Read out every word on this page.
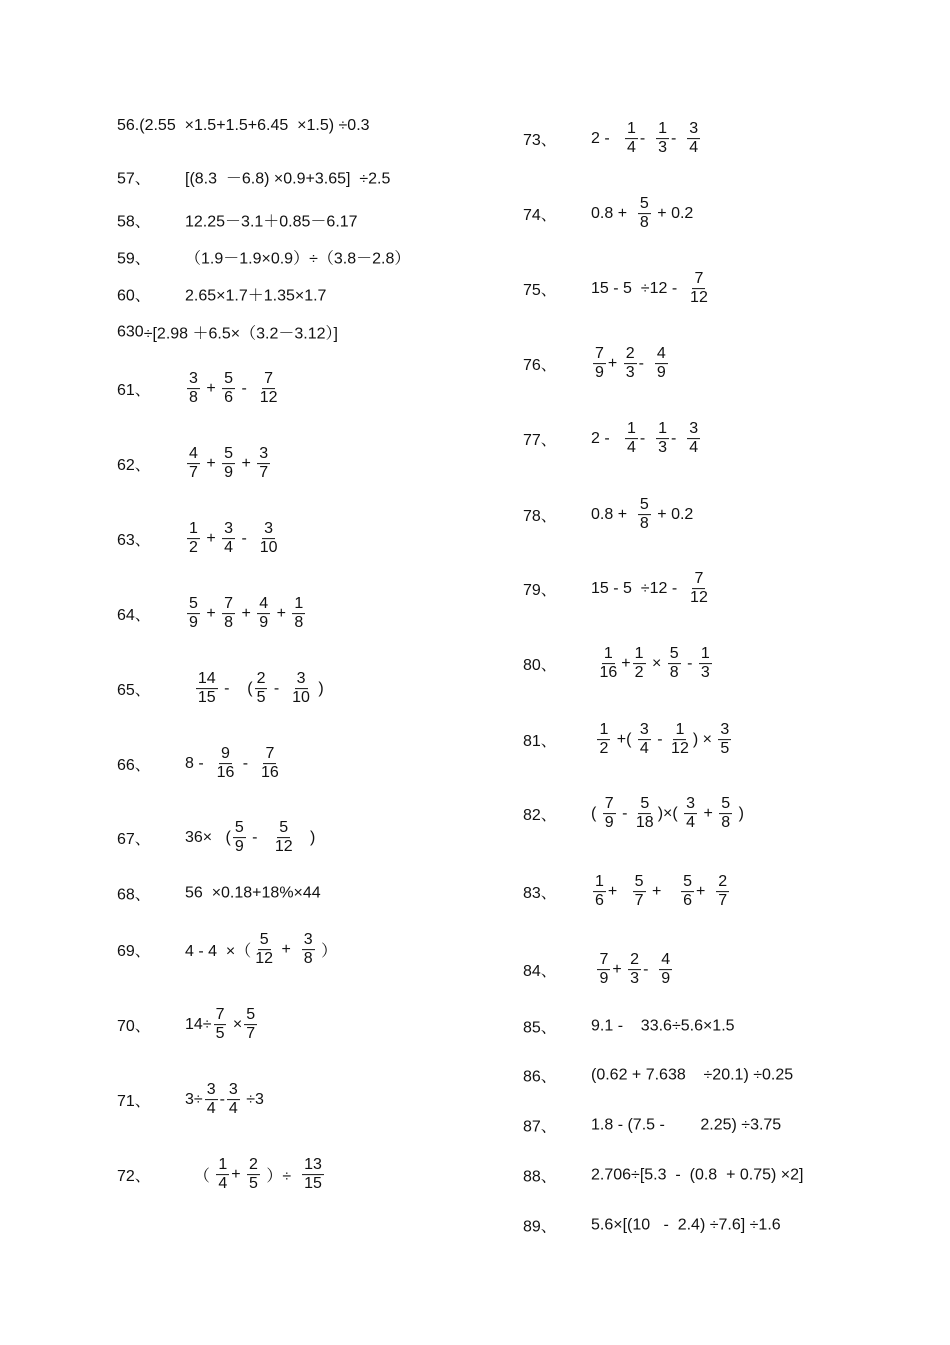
56. (2.55  ×1.5+1.5+6.45  ×1.5) ÷0.3
57、	[(8.3  －6.8) ×0.9+3.65]  ÷2.5
58、	12.25－3.1＋0.85－6.17
59、	（1.9－1.9×0.9）÷（3.8－2.8）
60、	2.65×1.7＋1.35×1.7
630 ÷[2.98 ＋6.5×（3.2－3.12）]
61、	$\frac{3}{8} + \frac{5}{6} - \frac{7}{12}$
62、	$\frac{4}{7} + \frac{5}{9} + \frac{3}{7}$
63、	$\frac{1}{2} + \frac{3}{4} - \frac{3}{10}$
64、	$\frac{5}{9} + \frac{7}{8} + \frac{4}{9} + \frac{1}{8}$
65、
	$\frac{14}{15}$ -    ( $\frac{2}{5} - \frac{3}{10}$ )
66、	$8 - \frac{9}{16} - \frac{7}{16}$
67、	36×   ( $\frac{5}{9} - \frac{5}{12}$ )
68、	56  ×0.18+18%×44
69、	4 - 4  ×（ $\frac{5}{12} + \frac{3}{8}$ ）
70、	$14\div \frac{7}{5} \times \frac{5}{7}$
71、	$3\div \frac{3}{4} - \frac{3}{4} \div 3$
72、	（ $\frac{1}{4} + \frac{2}{5}$ ）÷ $\frac{13}{15}$
73、	$2 - \frac{1}{4} - \frac{1}{3} - \frac{3}{4}$
74、	$0.8 + \frac{5}{8} + 0.2$
75、	$15 - 5 \div 12 - \frac{7}{12}$
76、	$\frac{7}{9} + \frac{2}{3} - \frac{4}{9}$
77、	$2 - \frac{1}{4} - \frac{1}{3} - \frac{3}{4}$
78、	$0.8 + \frac{5}{8} + 0.2$
79、	$15 - 5 \div 12 - \frac{7}{12}$
80、
	$\frac{1}{16} + \frac{1}{2} \times \frac{5}{8} - \frac{1}{3}$
81、
	$\frac{1}{2}$ +( $\frac{3}{4} - \frac{1}{12}$ ) × $\frac{3}{5}$
82、	( $\frac{7}{9} - \frac{5}{18}$ )×( $\frac{3}{4} + \frac{5}{8}$ )
83、	$\frac{1}{6} + \frac{5}{7} + \frac{5}{6} + \frac{2}{7}$
84、
	$\frac{7}{9} + \frac{2}{3} - \frac{4}{9}$
85、	9.1 -    33.6÷5.6×1.5
86、	(0.62 + 7.638    ÷20.1) ÷0.25
87、	1.8 - (7.5 -        2.25) ÷3.75
88、	2.706÷[5.3  -  (0.8  + 0.75) ×2]
89、	5.6×[(10   -  2.4) ÷7.6] ÷1.6
